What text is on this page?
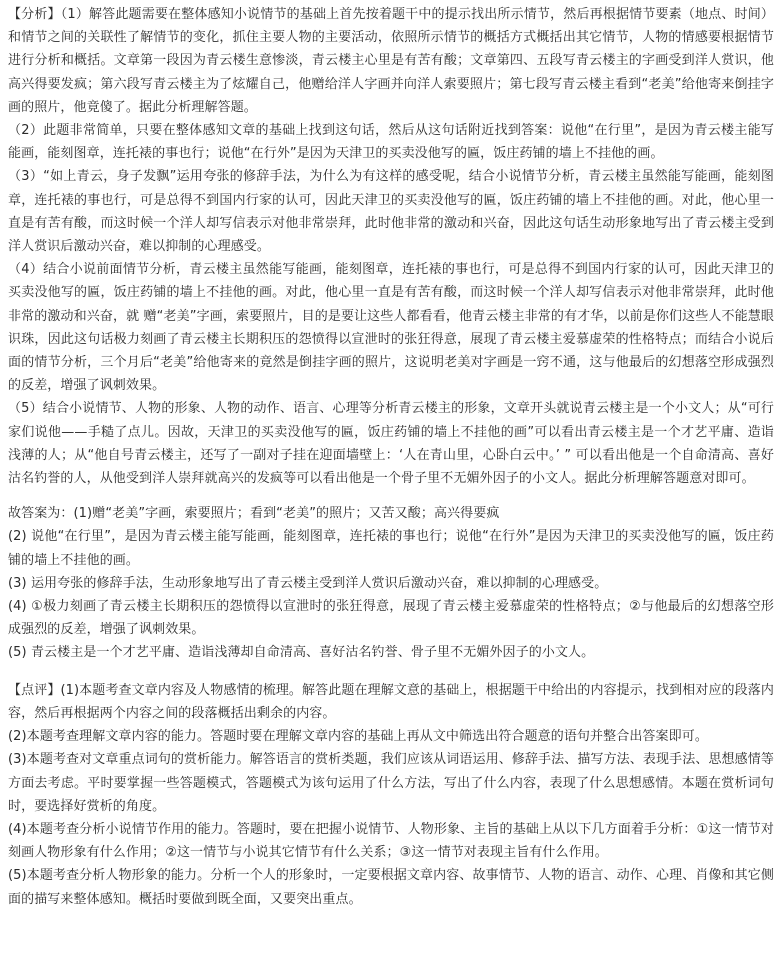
【分析】（1）解答此题需要在整体感知小说情节的基础上首先按着题干中的提示找出所示情节，然后再根据情节要素（地点、时间）和情节之间的关联性了解情节的变化，抓住主要人物的主要活动，依照所示情节的概括方式概括出其它情节，人物的情感要根据情节进行分析和概括。文章第一段因为青云楼生意惨淡，青云楼主心里是有苦有酸；文章第四、五段写青云楼主的字画受到洋人赏识，他高兴得要发疯；第六段写青云楼主为了炫耀自己，他赠给洋人字画并向洋人索要照片；第七段写青云楼主看到“老美”给他寄来倒挂字画的照片，他竟傻了。据此分析理解答题。

（2）此题非常简单，只要在整体感知文章的基础上找到这句话，然后从这句话附近找到答案：说他“在行里”，是因为青云楼主能写能画，能刻图章，连托裱的事也行；说他“在行外”是因为天津卫的买卖没他写的匾，饭庄药铺的墙上不挂他的画。

（3）“如上青云，身子发飘”运用夸张的修辞手法，为什么为有这样的感受呢，结合小说情节分析，青云楼主虽然能写能画，能刻图章，连托裱的事也行，可是总得不到国内行家的认可，因此天津卫的买卖没他写的匾，饭庄药铺的墙上不挂他的画。对此，他心里一直是有苦有酸，而这时候一个洋人却写信表示对他非常崇拜，此时他非常的激动和兴奋，因此这句话生动形象地写出了青云楼主受到洋人赏识后激动兴奋，难以抑制的心理感受。

（4）结合小说前面情节分析，青云楼主虽然能写能画，能刻图章，连托裱的事也行，可是总得不到国内行家的认可，因此天津卫的买卖没他写的匾，饭庄药铺的墙上不挂他的画。对此，他心里一直是有苦有酸，而这时候一个洋人却写信表示对他非常崇拜，此时他非常的激动和兴奋，就 赠“老美”字画，索要照片，目的是要让这些人都看看，他青云楼主非常的有才华，以前是你们这些人不能慧眼识珠，因此这句话极力刻画了青云楼主长期积压的怨愤得以宣泄时的张狂得意，展现了青云楼主爱慕虚荣的性格特点；而结合小说后面的情节分析，三个月后“老美”给他寄来的竟然是倒挂字画的照片，这说明老美对字画是一窍不通，这与他最后的幻想落空形成强烈的反差，增强了讽刺效果。

（5）结合小说情节、人物的形象、人物的动作、语言、心理等分析青云楼主的形象，文章开头就说青云楼主是一个小文人；从“可行家们说他——手糙了点儿。因故，天津卫的买卖没他写的匾，饭庄药铺的墙上不挂他的画”可以看出青云楼主是一个才艺平庸、造诣浅薄的人；从“他自号青云楼主，还写了一副对子挂在迎面墙壁上：‘人在青山里，心卧白云中。’ ” 可以看出他是一个自命清高、喜好沽名钓誉的人，从他受到洋人崇拜就高兴的发疯等可以看出他是一个骨子里不无媚外因子的小文人。据此分析理解答题意对即可。

故答案为：(1)赠“老美”字画，索要照片；看到“老美”的照片；又苦又酸；高兴得要疯

(2) 说他“在行里”，是因为青云楼主能写能画，能刻图章，连托裱的事也行；说他“在行外”是因为天津卫的买卖没他写的匾，饭庄药铺的墙上不挂他的画。

(3) 运用夸张的修辞手法，生动形象地写出了青云楼主受到洋人赏识后激动兴奋，难以抑制的心理感受。

(4) ①极力刻画了青云楼主长期积压的怨愤得以宣泄时的张狂得意，展现了青云楼主爱慕虚荣的性格特点；②与他最后的幻想落空形成强烈的反差，增强了讽刺效果。

(5) 青云楼主是一个才艺平庸、造诣浅薄却自命清高、喜好沽名钓誉、骨子里不无媚外因子的小文人。

【点评】(1)本题考查文章内容及人物感情的梳理。解答此题在理解文意的基础上，根据题干中给出的内容提示，找到相对应的段落内容，然后再根据两个内容之间的段落概括出剩余的内容。

(2)本题考查理解文章内容的能力。答题时要在理解文章内容的基础上再从文中筛选出符合题意的语句并整合出答案即可。

(3)本题考查对文章重点词句的赏析能力。解答语言的赏析类题，我们应该从词语运用、修辞手法、描写方法、表现手法、思想感情等方面去考虑。平时要掌握一些答题模式，答题模式为该句运用了什么方法，写出了什么内容，表现了什么思想感情。本题在赏析词句时，要选择好赏析的角度。

(4)本题考查分析小说情节作用的能力。答题时，要在把握小说情节、人物形象、主旨的基础上从以下几方面着手分析：①这一情节对刻画人物形象有什么作用；②这一情节与小说其它情节有什么关系；③这一情节对表现主旨有什么作用。

(5)本题考查分析人物形象的能力。分析一个人的形象时，一定要根据文章内容、故事情节、人物的语言、动作、心理、肖像和其它侧面的描写来整体感知。概括时要做到既全面，又要突出重点。
